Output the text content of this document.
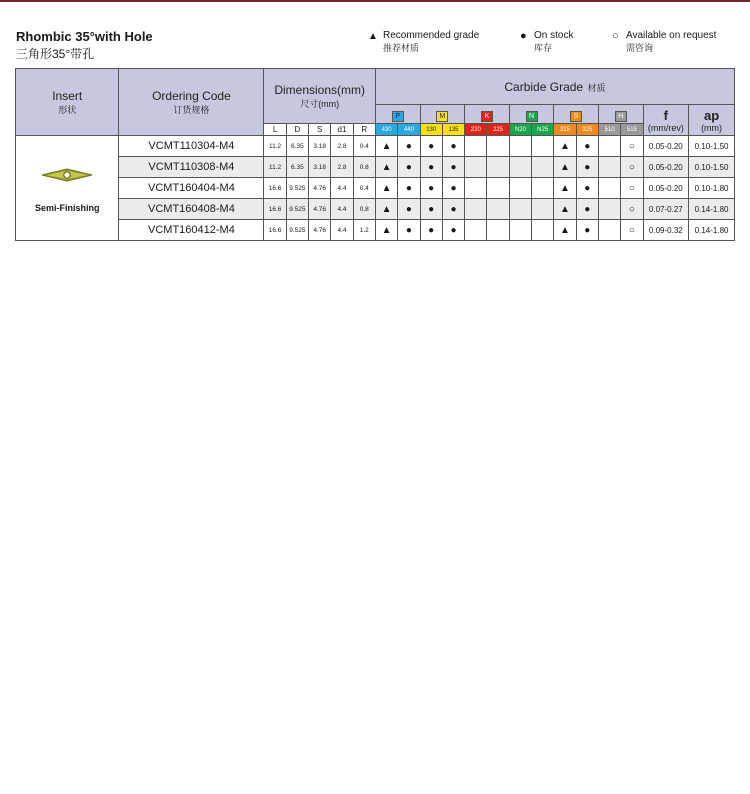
Rhombic 35°with Hole
三角形35°带孔
▲ Recommended grade
推荐材质
● On stock
库存
○ Available on request
需咨询
Insert
形状	Ordering Code
订货规格	Dimensions(mm)
尺寸(mm)					Carbide Grade 材质													
							P		M		K		N		S		H		f
(mm/rev)	ap
(mm)

		L	D	S	d1	R	430	440	130	135	220	225	N20	N25	315	325	510	515		

Semi-Finishing	VCMT110304-M4	11.2	6.35	3.18	2.8	0.4	▲	●	●	●					▲	●		○	0.05-0.20	0.10-1.50
	VCMT110308-M4	11.2	6.35	3.18	2.8	0.8	▲	●	●	●					▲	●		○	0.05-0.20	0.10-1.50
	VCMT160404-M4	16.6	9.525	4.76	4.4	0.4	▲	●	●	●					▲	●		○	0.05-0.20	0.10-1.80
	VCMT160408-M4	16.6	9.525	4.76	4.4	0.8	▲	●	●	●					▲	●		○	0.07-0.27	0.14-1.80
	VCMT160412-M4	16.6	9.525	4.76	4.4	1.2	▲	●	●	●					▲	●		○	0.09-0.32	0.14-1.80
